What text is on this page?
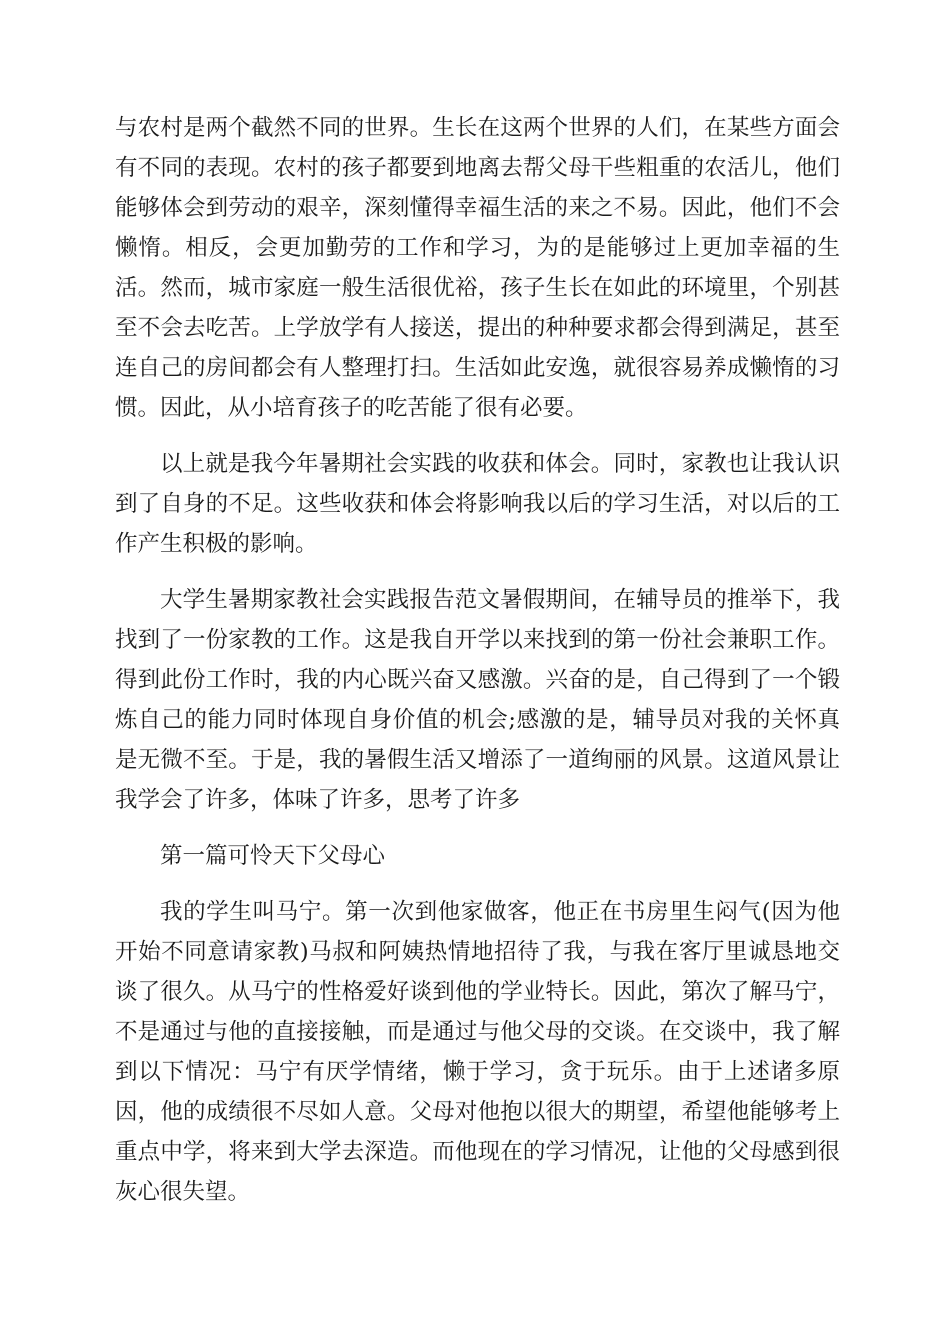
与农村是两个截然不同的世界。生长在这两个世界的人们，在某些方面会有不同的表现。农村的孩子都要到地离去帮父母干些粗重的农活儿，他们能够体会到劳动的艰辛，深刻懂得幸福生活的来之不易。因此，他们不会懒惰。相反，会更加勤劳的工作和学习，为的是能够过上更加幸福的生活。然而，城市家庭一般生活很优裕，孩子生长在如此的环境里，个别甚至不会去吃苦。上学放学有人接送，提出的种种要求都会得到满足，甚至连自己的房间都会有人整理打扫。生活如此安逸，就很容易养成懒惰的习惯。因此，从小培育孩子的吃苦能了很有必要。

以上就是我今年暑期社会实践的收获和体会。同时，家教也让我认识到了自身的不足。这些收获和体会将影响我以后的学习生活，对以后的工作产生积极的影响。

大学生暑期家教社会实践报告范文暑假期间，在辅导员的推举下，我找到了一份家教的工作。这是我自开学以来找到的第一份社会兼职工作。得到此份工作时，我的内心既兴奋又感激。兴奋的是，自己得到了一个锻炼自己的能力同时体现自身价值的机会;感激的是，辅导员对我的关怀真是无微不至。于是，我的暑假生活又增添了一道绚丽的风景。这道风景让我学会了许多，体味了许多，思考了许多

第一篇可怜天下父母心

我的学生叫马宁。第一次到他家做客，他正在书房里生闷气(因为他开始不同意请家教)马叔和阿姨热情地招待了我，与我在客厅里诚恳地交谈了很久。从马宁的性格爱好谈到他的学业特长。因此，第次了解马宁，不是通过与他的直接接触，而是通过与他父母的交谈。在交谈中，我了解到以下情况：马宁有厌学情绪，懒于学习，贪于玩乐。由于上述诸多原因，他的成绩很不尽如人意。父母对他抱以很大的期望，希望他能够考上重点中学，将来到大学去深造。而他现在的学习情况，让他的父母感到很灰心很失望。
